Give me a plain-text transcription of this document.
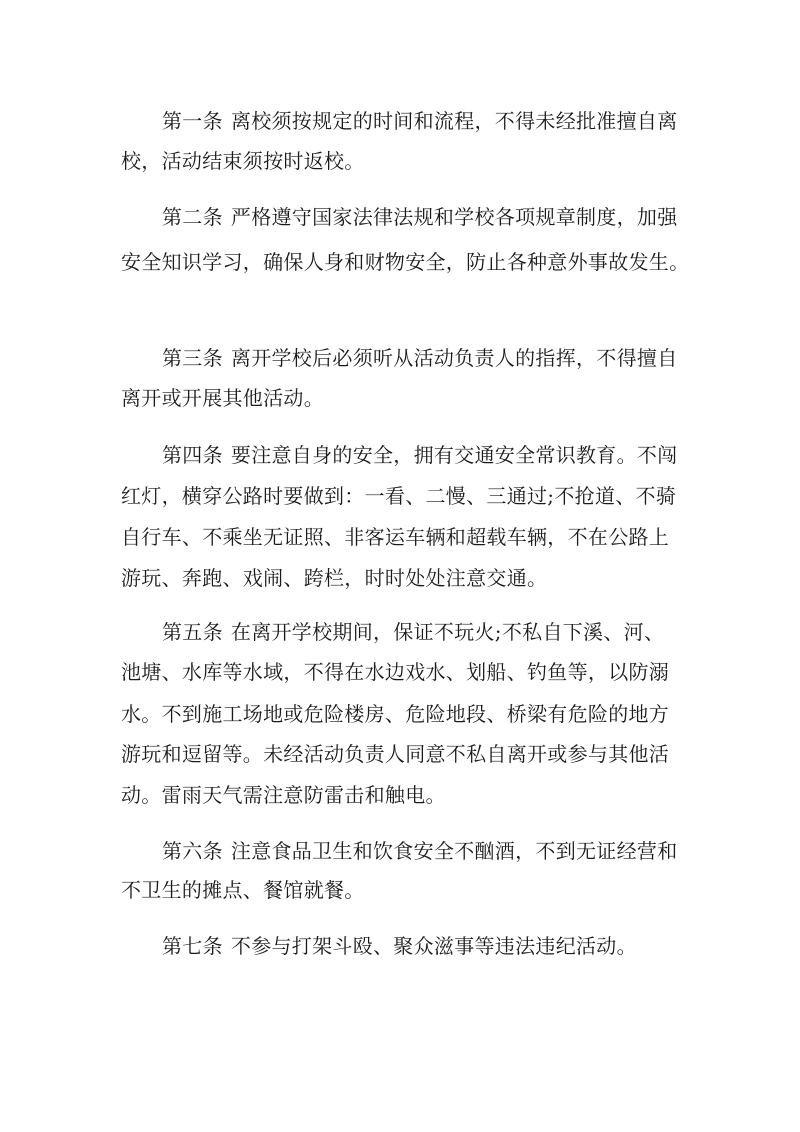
第一条 离校须按规定的时间和流程，不得未经批准擅自离
校，活动结束须按时返校。
第二条 严格遵守国家法律法规和学校各项规章制度，加强
安全知识学习，确保人身和财物安全，防止各种意外事故发生。
第三条 离开学校后必须听从活动负责人的指挥，不得擅自
离开或开展其他活动。
第四条 要注意自身的安全，拥有交通安全常识教育。不闯
红灯，横穿公路时要做到：一看、二慢、三通过;不抢道、不骑
自行车、不乘坐无证照、非客运车辆和超载车辆，不在公路上
游玩、奔跑、戏闹、跨栏，时时处处注意交通。
第五条 在离开学校期间，保证不玩火;不私自下溪、河、
池塘、水库等水域，不得在水边戏水、划船、钓鱼等，以防溺
水。不到施工场地或危险楼房、危险地段、桥梁有危险的地方
游玩和逗留等。未经活动负责人同意不私自离开或参与其他活
动。雷雨天气需注意防雷击和触电。
第六条 注意食品卫生和饮食安全不酗酒，不到无证经营和
不卫生的摊点、餐馆就餐。
第七条 不参与打架斗殴、聚众滋事等违法违纪活动。
